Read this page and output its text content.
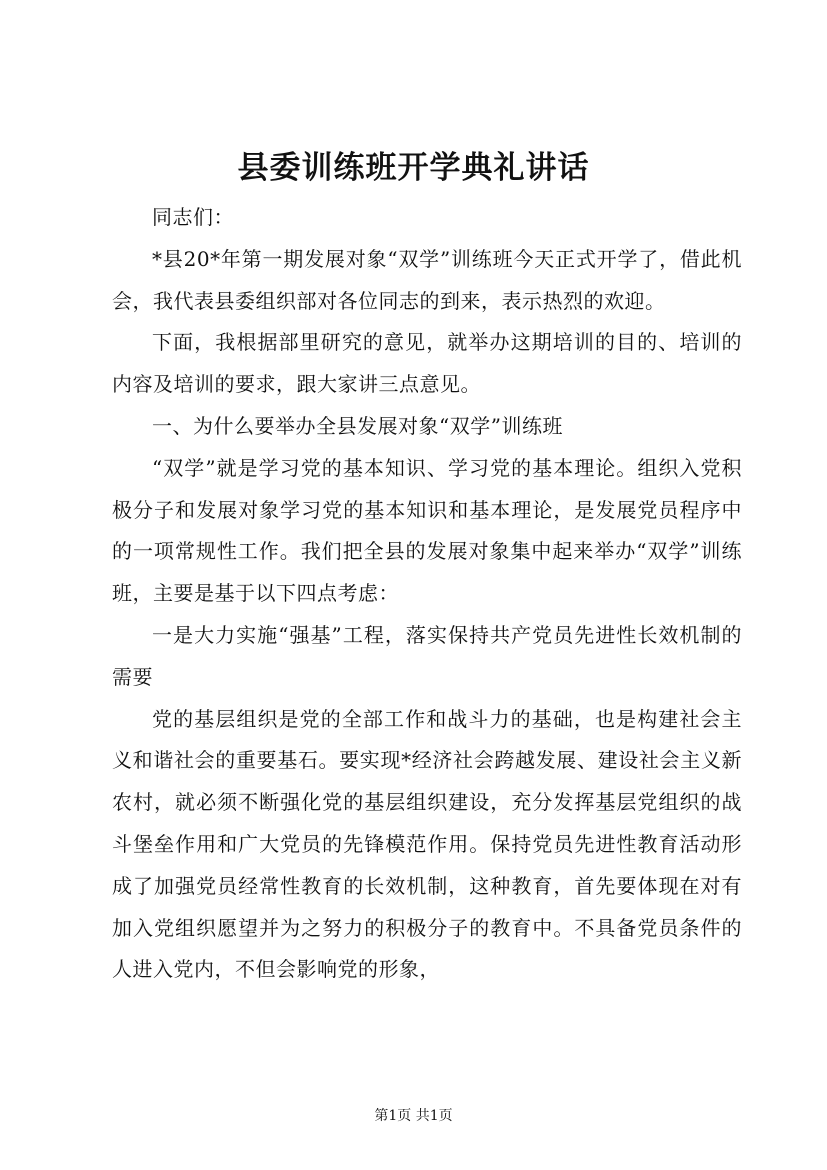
县委训练班开学典礼讲话

同志们：

*县20*年第一期发展对象“双学”训练班今天正式开学了，借此机会，我代表县委组织部对各位同志的到来，表示热烈的欢迎。

下面，我根据部里研究的意见，就举办这期培训的目的、培训的内容及培训的要求，跟大家讲三点意见。

一、为什么要举办全县发展对象“双学”训练班

“双学”就是学习党的基本知识、学习党的基本理论。组织入党积极分子和发展对象学习党的基本知识和基本理论，是发展党员程序中的一项常规性工作。我们把全县的发展对象集中起来举办“双学”训练班，主要是基于以下四点考虑：

一是大力实施“强基”工程，落实保持共产党员先进性长效机制的需要

党的基层组织是党的全部工作和战斗力的基础，也是构建社会主义和谐社会的重要基石。要实现*经济社会跨越发展、建设社会主义新农村，就必须不断强化党的基层组织建设，充分发挥基层党组织的战斗堡垒作用和广大党员的先锋模范作用。保持党员先进性教育活动形成了加强党员经常性教育的长效机制，这种教育，首先要体现在对有加入党组织愿望并为之努力的积极分子的教育中。不具备党员条件的人进入党内，不但会影响党的形象，

第1页 共1页
